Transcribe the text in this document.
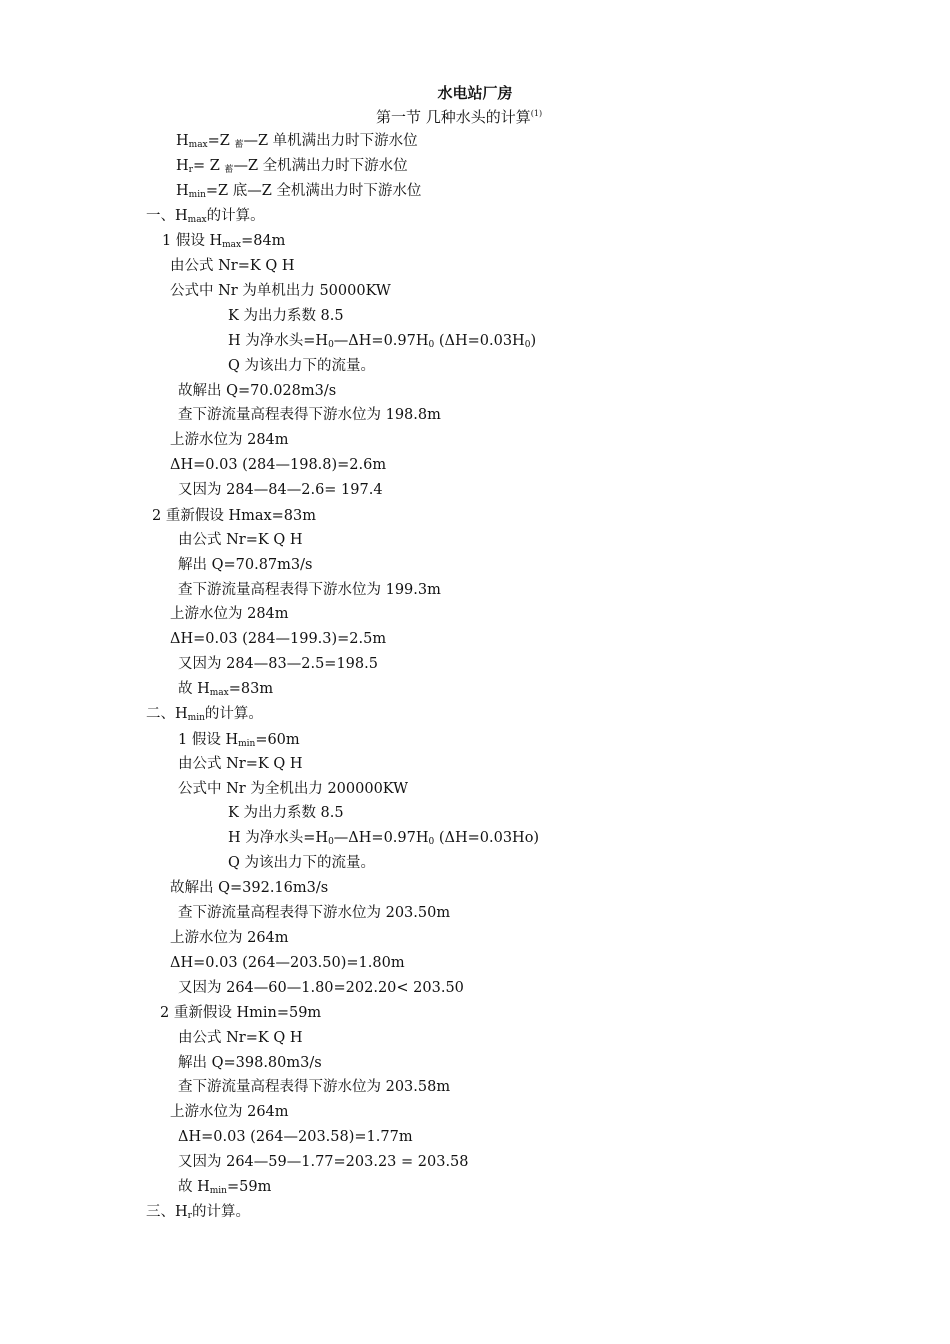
水电站厂房
第一节 几种水头的计算$^{(1)}$
Hmax=Z 蓄—Z 单机满出力时下游水位
Hr= Z 蓄—Z 全机满出力时下游水位
Hmin=Z 底—Z 全机满出力时下游水位
一、Hmax的计算。
1 假设 Hmax=84m
由公式 Nr=K Q H
公式中 Nr 为单机出力 50000KW
K 为出力系数 8.5
H 为净水头=H0—ΔH=0.97H0 (ΔH=0.03H0)
Q 为该出力下的流量。
故解出 Q=70.028m3/s
查下游流量高程表得下游水位为 198.8m
上游水位为 284m
ΔH=0.03 (284—198.8)=2.6m
又因为 284—84—2.6= 197.4
2 重新假设 Hmax=83m
由公式 Nr=K Q H
解出 Q=70.87m3/s
查下游流量高程表得下游水位为 199.3m
上游水位为 284m
ΔH=0.03 (284—199.3)=2.5m
又因为 284—83—2.5=198.5
故 Hmax=83m
二、Hmin的计算。
1 假设 Hmin=60m
由公式 Nr=K Q H
公式中 Nr 为全机出力 200000KW
K 为出力系数 8.5
H 为净水头=H0—ΔH=0.97H0 (ΔH=0.03Ho)
Q 为该出力下的流量。
故解出 Q=392.16m3/s
查下游流量高程表得下游水位为 203.50m
上游水位为 264m
ΔH=0.03 (264—203.50)=1.80m
又因为 264—60—1.80=202.20< 203.50
2 重新假设 Hmin=59m
由公式 Nr=K Q H
解出 Q=398.80m3/s
查下游流量高程表得下游水位为 203.58m
上游水位为 264m
ΔH=0.03 (264—203.58)=1.77m
又因为 264—59—1.77=203.23 = 203.58
故 Hmin=59m
三、Hr的计算。
